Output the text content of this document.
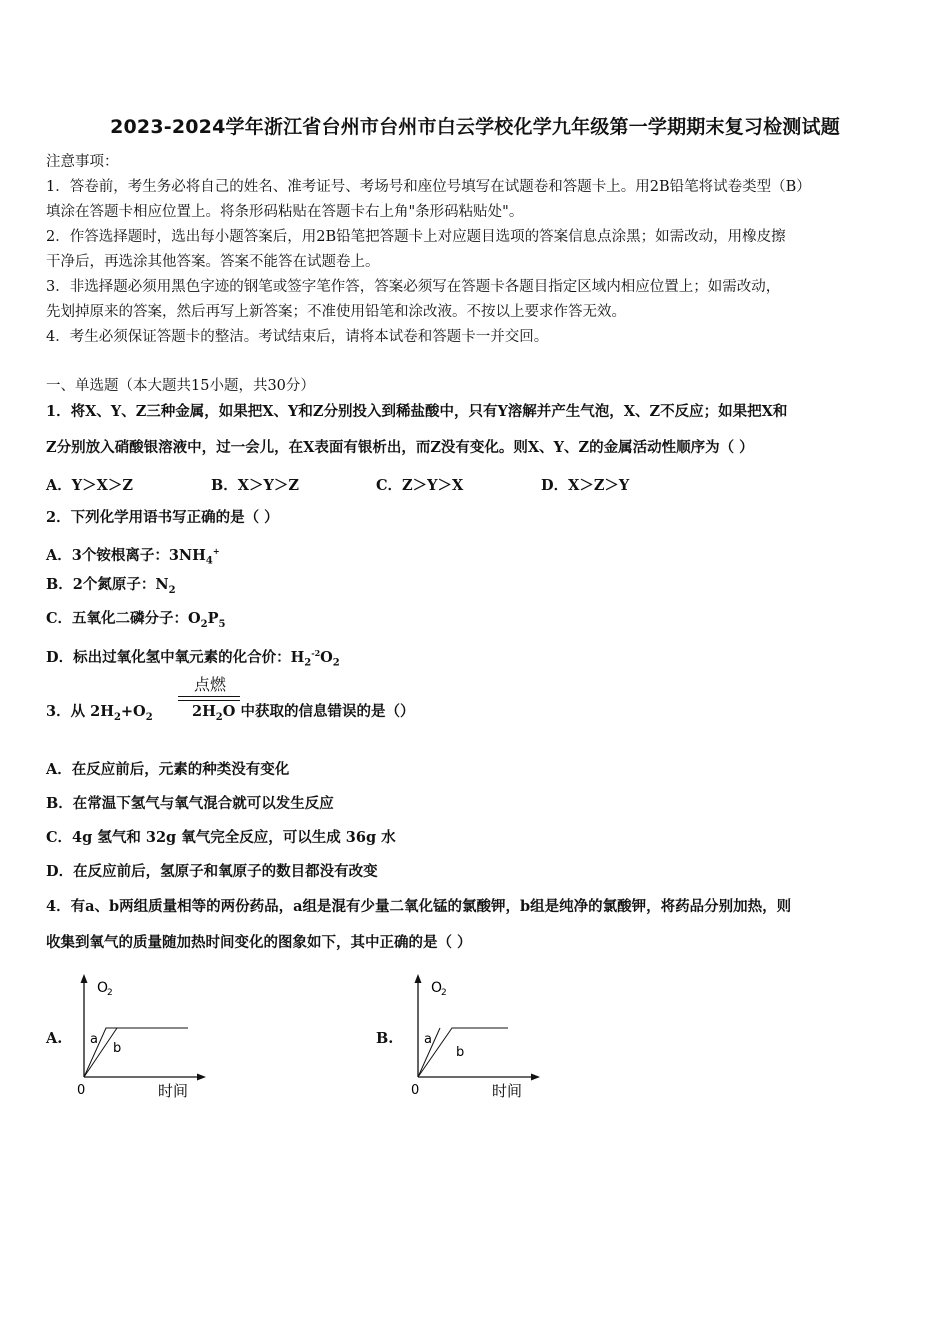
2023-2024学年浙江省台州市台州市白云学校化学九年级第一学期期末复习检测试题
注意事项：
1．答卷前，考生务必将自己的姓名、准考证号、考场号和座位号填写在试题卷和答题卡上。用2B铅笔将试卷类型（B）
填涂在答题卡相应位置上。将条形码粘贴在答题卡右上角"条形码粘贴处"。
2．作答选择题时，选出每小题答案后，用2B铅笔把答题卡上对应题目选项的答案信息点涂黑；如需改动，用橡皮擦
干净后，再选涂其他答案。答案不能答在试题卷上。
3．非选择题必须用黑色字迹的钢笔或签字笔作答，答案必须写在答题卡各题目指定区域内相应位置上；如需改动，
先划掉原来的答案，然后再写上新答案；不准使用铅笔和涂改液。不按以上要求作答无效。
4．考生必须保证答题卡的整洁。考试结束后，请将本试卷和答题卡一并交回。
一、单选题（本大题共15小题，共30分）
1．将X、Y、Z三种金属，如果把X、Y和Z分别投入到稀盐酸中，只有Y溶解并产生气泡，X、Z不反应；如果把X和
Z分别放入硝酸银溶液中，过一会儿，在X表面有银析出，而Z没有变化。则X、Y、Z的金属活动性顺序为（ ）
A．Y＞X＞Z	B．X＞Y＞Z	C．Z＞Y＞X	D．X＞Z＞Y
2．下列化学用语书写正确的是（ ）
A．3个铵根离子：$3NH_4^+$
B．2个氮原子：$N_2$
C．五氧化二磷分子：$O_2P_5$
D．标出过氧化氢中氧元素的化合价：$H_2^{-2}O_2$
点燃
3．从 $2H_2+O_2$	$2H_2O$ 中获取的信息错误的是（）
A．在反应前后，元素的种类没有变化
B．在常温下氢气与氧气混合就可以发生反应
C．4g 氢气和 32g 氧气完全反应，可以生成 36g 水
D．在反应前后，氢原子和氧原子的数目都没有改变
4．有a、b两组质量相等的两份药品，a组是混有少量二氧化锰的氯酸钾，b组是纯净的氯酸钾，将药品分别加热，则
收集到氧气的质量随加热时间变化的图象如下，其中正确的是（ ）
A.
O
2
0	时间
a
b
B.
O
2
0	时间
a
b
